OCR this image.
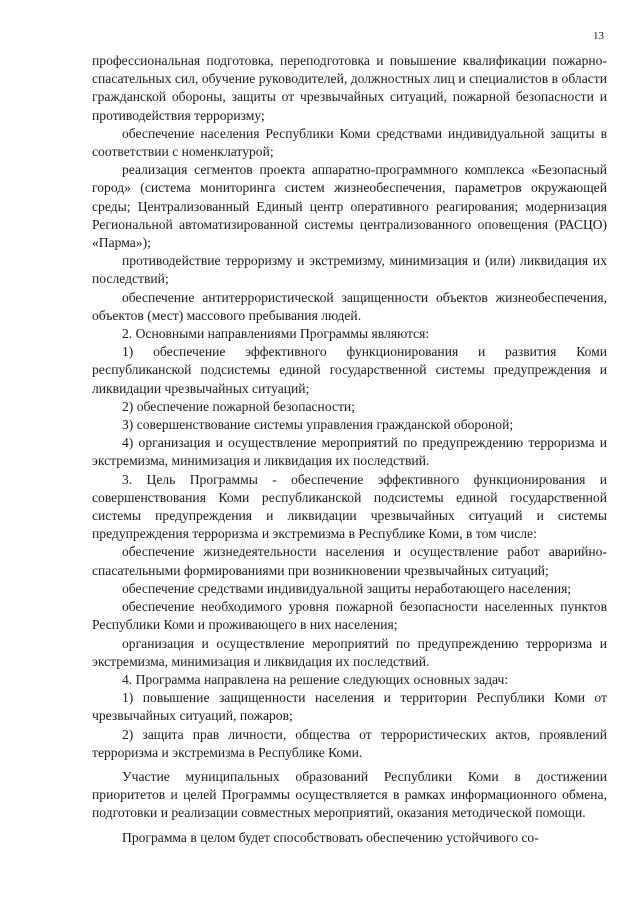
13

профессиональная подготовка, переподготовка и повышение квалификации пожарно-спасательных сил, обучение руководителей, должностных лиц и специалистов в области гражданской обороны, защиты от чрезвычайных ситуаций, пожарной безопасности и противодействия терроризму;

обеспечение населения Республики Коми средствами индивидуальной защиты в соответствии с номенклатурой;

реализация сегментов проекта аппаратно-программного комплекса «Безопасный город» (система мониторинга систем жизнеобеспечения, параметров окружающей среды; Централизованный Единый центр оперативного реагирования; модернизация Региональной автоматизированной системы централизованного оповещения (РАСЦО) «Парма»);

противодействие терроризму и экстремизму, минимизация и (или) ликвидация их последствий;

обеспечение антитеррористической защищенности объектов жизнеобеспечения, объектов (мест) массового пребывания людей.

2. Основными направлениями Программы являются:

1) обеспечение эффективного функционирования и развития Коми республиканской подсистемы единой государственной системы предупреждения и ликвидации чрезвычайных ситуаций;

2) обеспечение пожарной безопасности;

3) совершенствование системы управления гражданской обороной;

4) организация и осуществление мероприятий по предупреждению терроризма и экстремизма, минимизация и ликвидация их последствий.

3. Цель Программы - обеспечение эффективного функционирования и совершенствования Коми республиканской подсистемы единой государственной системы предупреждения и ликвидации чрезвычайных ситуаций и системы предупреждения терроризма и экстремизма в Республике Коми, в том числе:

обеспечение жизнедеятельности населения и осуществление работ аварийно-спасательными формированиями при возникновении чрезвычайных ситуаций;

обеспечение средствами индивидуальной защиты неработающего населения;

обеспечение необходимого уровня пожарной безопасности населенных пунктов Республики Коми и проживающего в них населения;

организация и осуществление мероприятий по предупреждению терроризма и экстремизма, минимизация и ликвидация их последствий.

4. Программа направлена на решение следующих основных задач:

1) повышение защищенности населения и территории Республики Коми от чрезвычайных ситуаций, пожаров;

2) защита прав личности, общества от террористических актов, проявлений терроризма и экстремизма в Республике Коми.

Участие муниципальных образований Республики Коми в достижении приоритетов и целей Программы осуществляется в рамках информационного обмена, подготовки и реализации совместных мероприятий, оказания методической помощи.

Программа в целом будет способствовать обеспечению устойчивого со-
